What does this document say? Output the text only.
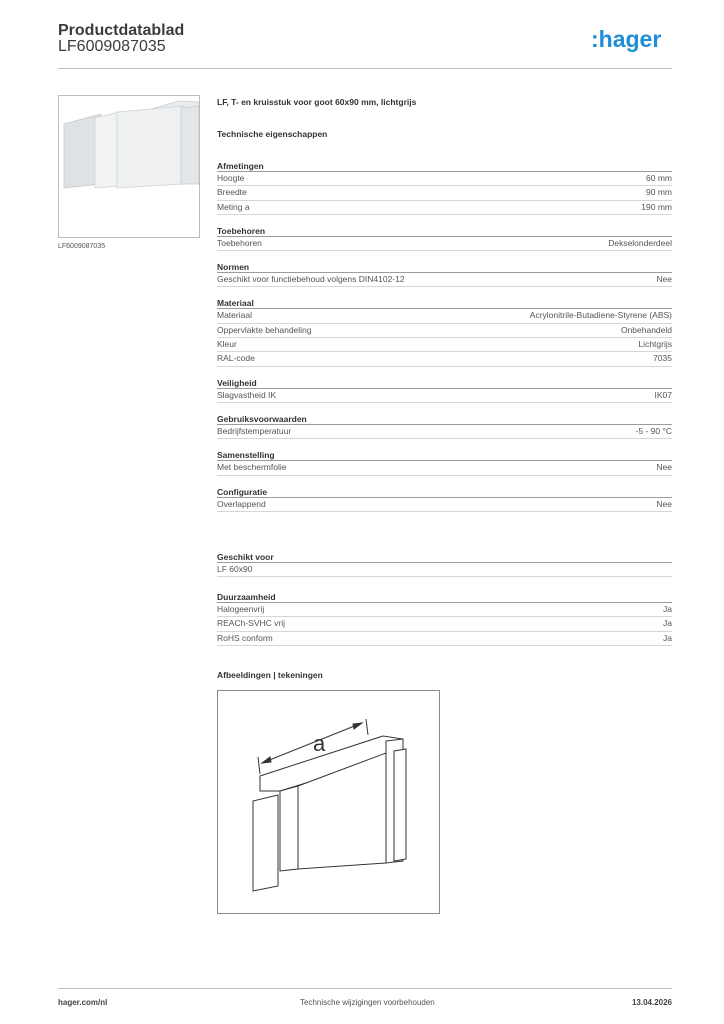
Productdatablad
LF6009087035	:hager
LF6009087035
LF, T- en kruisstuk voor goot 60x90 mm, lichtgrijs
Technische eigenschappen
Afmetingen
Hoogte	60 mm
Breedte	90 mm
Meting a	190 mm
Toebehoren
Toebehoren	Dekselonderdeel
Normen
Geschikt voor functiebehoud volgens DIN4102-12	Nee
Materiaal
Materiaal	Acrylonitrile-Butadiene-Styrene (ABS)
Oppervlakte behandeling	Onbehandeld
Kleur	Lichtgrijs
RAL-code	7035
Veiligheid
Slagvastheid IK	IK07
Gebruiksvoorwaarden
Bedrijfstemperatuur	-5 - 90 °C
Samenstelling
Met beschermfolie	Nee
Configuratie
Overlappend	Nee
Geschikt voor
LF 60x90
Duurzaamheid
Halogeenvrij	Ja
REACh-SVHC vrij	Ja
RoHS conform	Ja
Afbeeldingen | tekeningen
a
hager.com/nl	Technische wijzigingen voorbehouden	13.04.2026
